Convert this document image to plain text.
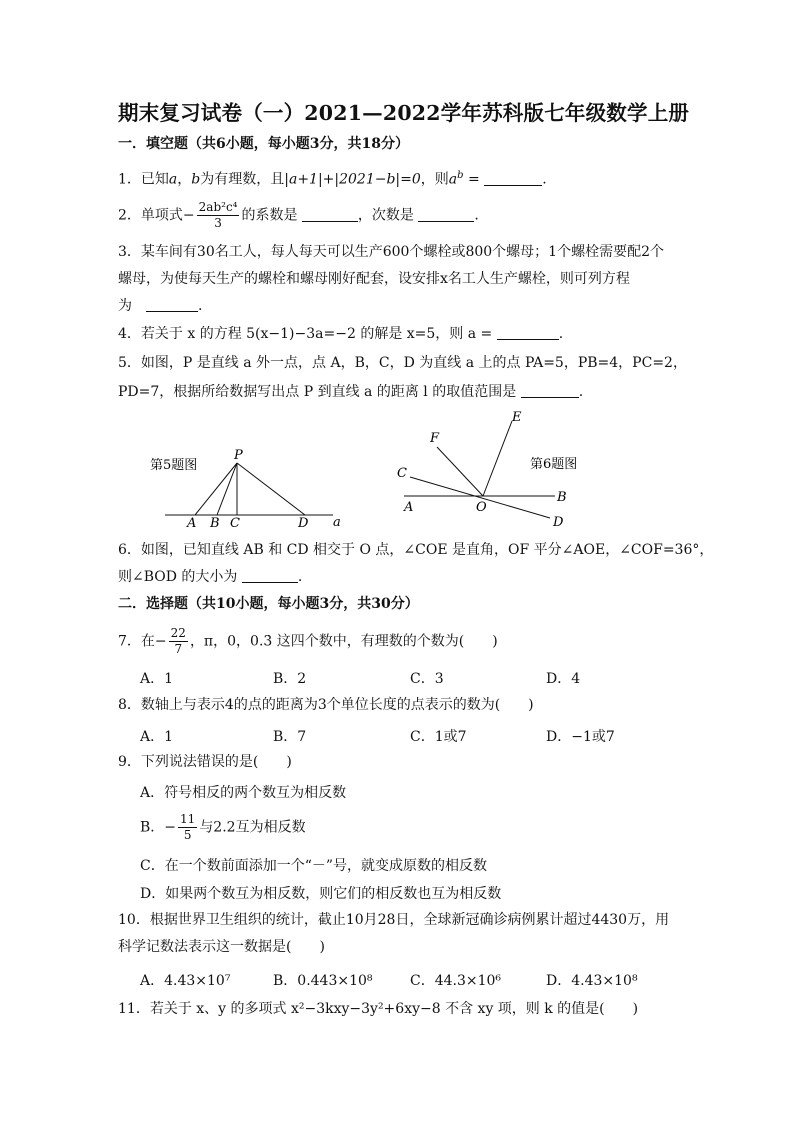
期末复习试卷（一）2021—2022学年苏科版七年级数学上册
一．填空题（共6小题，每小题3分，共18分）
1．已知a，b为有理数，且|a+1|+|2021−b|=0，则$a^b$ =	.
2．单项式− $\frac{\text{2ab²c⁴}}{3}$ 的系数是	，次数是	.
3．某车间有30名工人，每人每天可以生产600个螺栓或800个螺母；1个螺栓需要配2个
螺母，为使每天生产的螺栓和螺母刚好配套，设安排x名工人生产螺栓，则可列方程
为　	.
4．若关于 x 的方程 5(x−1)−3a=−2 的解是 x=5，则 a =	.
5．如图，P 是直线 a 外一点，点 A，B，C，D 为直线 a 上的点 PA=5，PB=4，PC=2，
PD=7，根据所给数据写出点 P 到直线 a 的距离 l 的取值范围是	.
第5题图
P
A B C	D a
E
F
C
O
A
B
D
第6题图
6．如图，已知直线 AB 和 CD 相交于 O 点，∠COE 是直角，OF 平分∠AOE，∠COF=36°，
则∠BOD 的大小为	.
二．选择题（共10小题，每小题3分，共30分）
7．在− $\frac{22}{7}$ ，π，0，0.3̇ 这四个数中，有理数的个数为(　　)
A．1	B．2	C．3	D．4
8．数轴上与表示4的点的距离为3个单位长度的点表示的数为(　　)
A．1	B．7	C．1或7	D．−1或7
9．下列说法错误的是(　　)
A．符号相反的两个数互为相反数
B．− $\frac{11}{5}$ 与2.2互为相反数
C．在一个数前面添加一个“－”号，就变成原数的相反数
D．如果两个数互为相反数，则它们的相反数也互为相反数
10．根据世界卫生组织的统计，截止10月28日，全球新冠确诊病例累计超过4430万，用
科学记数法表示这一数据是(　　)
A．4.43×10⁷	B．0.443×10⁸	C．44.3×10⁶	D．4.43×10⁸
11．若关于 x、y 的多项式 x²−3kxy−3y²+6xy−8 不含 xy 项，则 k 的值是(　　)
